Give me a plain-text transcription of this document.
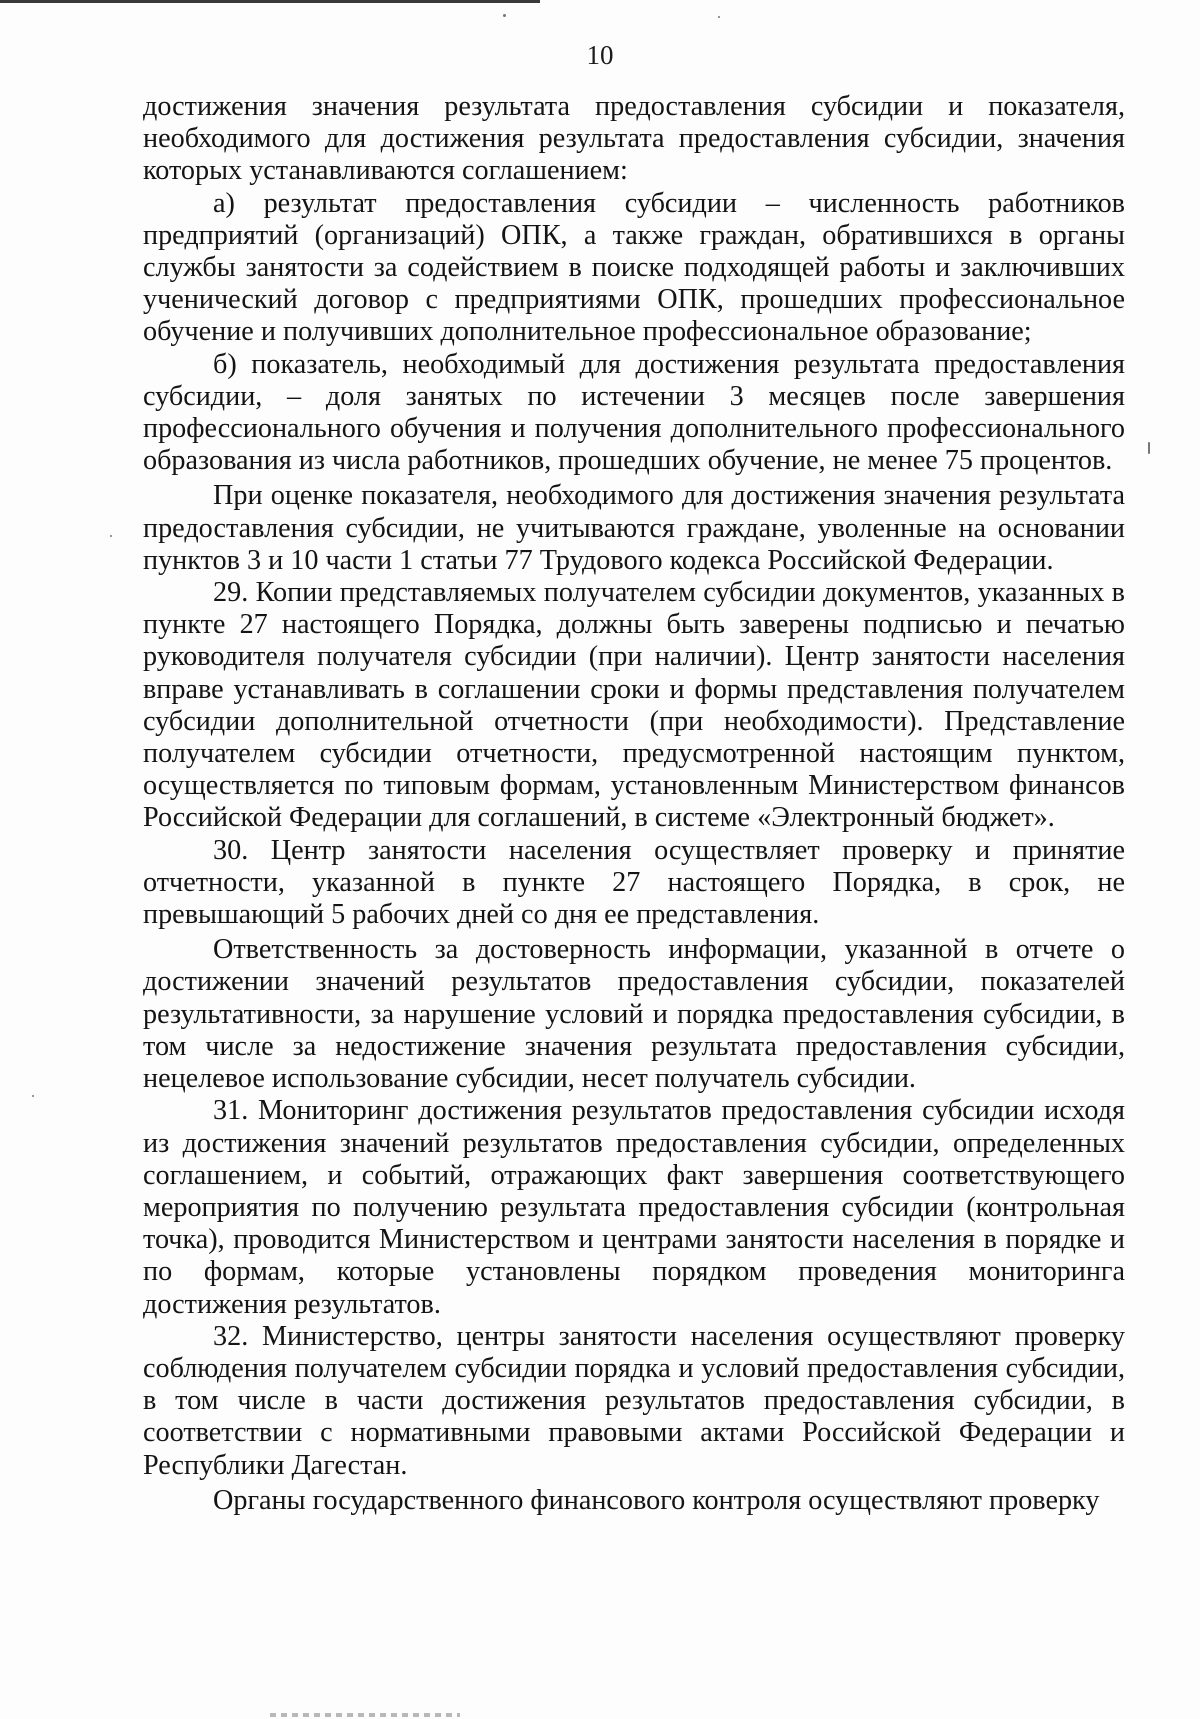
10

достижения значения результата предоставления субсидии и показателя, необходимого для достижения результата предоставления субсидии, значения которых устанавливаются соглашением:

а) результат предоставления субсидии – численность работников предприятий (организаций) ОПК, а также граждан, обратившихся в органы службы занятости за содействием в поиске подходящей работы и заключивших ученический договор с предприятиями ОПК, прошедших профессиональное обучение и получивших дополнительное профессиональное образование;

б) показатель, необходимый для достижения результата предоставления субсидии, – доля занятых по истечении 3 месяцев после завершения профессионального обучения и получения дополнительного профессионального образования из числа работников, прошедших обучение, не менее 75 процентов.

При оценке показателя, необходимого для достижения значения результата предоставления субсидии, не учитываются граждане, уволенные на основании пунктов 3 и 10 части 1 статьи 77 Трудового кодекса Российской Федерации.

29. Копии представляемых получателем субсидии документов, указанных в пункте 27 настоящего Порядка, должны быть заверены подписью и печатью руководителя получателя субсидии (при наличии). Центр занятости населения вправе устанавливать в соглашении сроки и формы представления получателем субсидии дополнительной отчетности (при необходимости). Представление получателем субсидии отчетности, предусмотренной настоящим пунктом, осуществляется по типовым формам, установленным Министерством финансов Российской Федерации для соглашений, в системе «Электронный бюджет».

30. Центр занятости населения осуществляет проверку и принятие отчетности, указанной в пункте 27 настоящего Порядка, в срок, не превышающий 5 рабочих дней со дня ее представления.

Ответственность за достоверность информации, указанной в отчете о достижении значений результатов предоставления субсидии, показателей результативности, за нарушение условий и порядка предоставления субсидии, в том числе за недостижение значения результата предоставления субсидии, нецелевое использование субсидии, несет получатель субсидии.

31. Мониторинг достижения результатов предоставления субсидии исходя из достижения значений результатов предоставления субсидии, определенных соглашением, и событий, отражающих факт завершения соответствующего мероприятия по получению результата предоставления субсидии (контрольная точка), проводится Министерством и центрами занятости населения в порядке и по формам, которые установлены порядком проведения мониторинга достижения результатов.

32. Министерство, центры занятости населения осуществляют проверку соблюдения получателем субсидии порядка и условий предоставления субсидии, в том числе в части достижения результатов предоставления субсидии, в соответствии с нормативными правовыми актами Российской Федерации и Республики Дагестан.

Органы государственного финансового контроля осуществляют проверку
